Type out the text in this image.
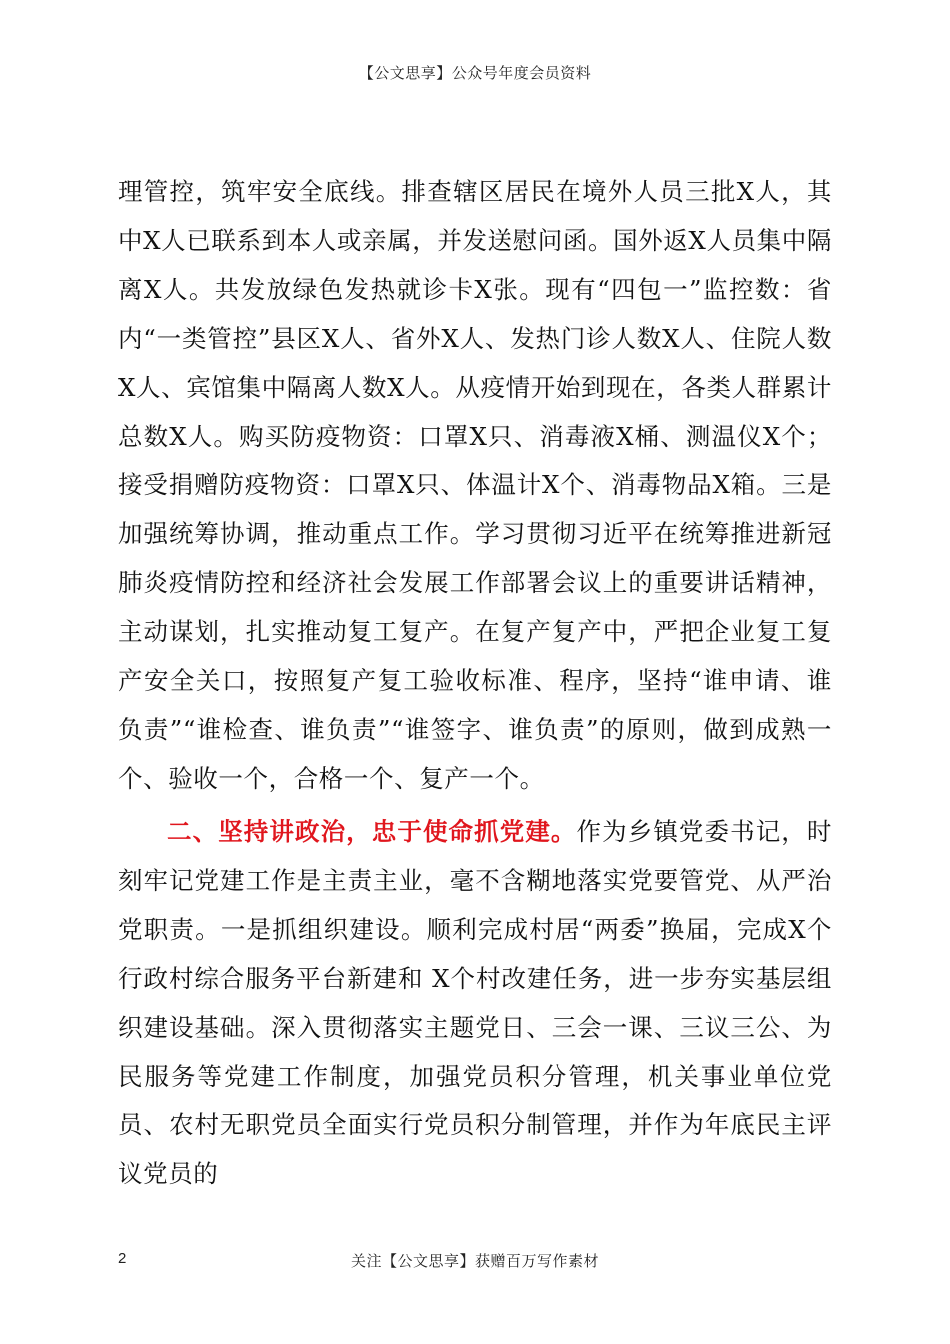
【公文思享】公众号年度会员资料

理管控，筑牢安全底线。排查辖区居民在境外人员三批X人，其中X人已联系到本人或亲属，并发送慰问函。国外返X人员集中隔离X人。共发放绿色发热就诊卡X张。现有“四包一”监控数：省内“一类管控”县区X人、省外X人、发热门诊人数X人、住院人数X人、宾馆集中隔离人数X人。从疫情开始到现在，各类人群累计总数X人。购买防疫物资：口罩X只、消毒液X桶、测温仪X个；接受捐赠防疫物资：口罩X只、体温计X个、消毒物品X箱。三是加强统筹协调，推动重点工作。学习贯彻习近平在统筹推进新冠肺炎疫情防控和经济社会发展工作部署会议上的重要讲话精神，主动谋划，扎实推动复工复产。在复产复产中，严把企业复工复产安全关口，按照复产复工验收标准、程序，坚持“谁申请、谁负责”“谁检查、谁负责”“谁签字、谁负责”的原则，做到成熟一个、验收一个，合格一个、复产一个。

二、坚持讲政治，忠于使命抓党建。作为乡镇党委书记，时刻牢记党建工作是主责主业，毫不含糊地落实党要管党、从严治党职责。一是抓组织建设。顺利完成村居“两委”换届，完成X个行政村综合服务平台新建和 X个村改建任务，进一步夯实基层组织建设基础。深入贯彻落实主题党日、三会一课、三议三公、为民服务等党建工作制度，加强党员积分管理，机关事业单位党员、农村无职党员全面实行党员积分制管理，并作为年底民主评议党员的

2	关注【公文思享】获赠百万写作素材
